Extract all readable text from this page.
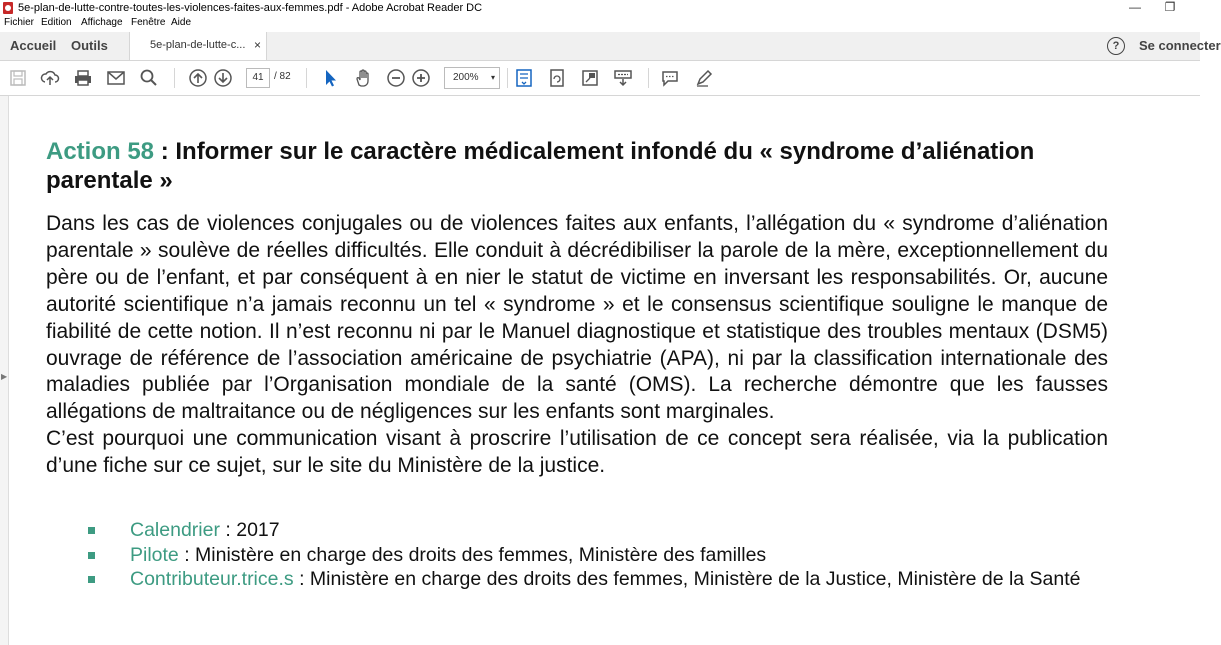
5e-plan-de-lutte-contre-toutes-les-violences-faites-aux-femmes.pdf - Adobe Acrobat Reader DC	—	❐
Fichier Edition Affichage Fenêtre Aide
Accueil Outils	5e-plan-de-lutte-c... ×	?	Se connecter
41	/ 82	200% ▾
▶
Action 58 : Informer sur le caractère médicalement infondé du « syndrome d’aliénation parentale »

Dans les cas de violences conjugales ou de violences faites aux enfants, l’allégation du « syndrome d’aliénation parentale » soulève de réelles difficultés. Elle conduit à décrédibiliser la parole de la mère, exceptionnellement du père ou de l’enfant, et par conséquent à en nier le statut de victime en inversant les responsabilités. Or, aucune autorité scientifique n’a jamais reconnu un tel « syndrome » et le consensus scientifique souligne le manque de fiabilité de cette notion. Il n’est reconnu ni par le Manuel diagnostique et statistique des troubles mentaux (DSM5) ouvrage de référence de l’association américaine de psychiatrie (APA), ni par la classification internationale des maladies publiée par l’Organisation mondiale de la santé (OMS). La recherche démontre que les fausses allégations de maltraitance ou de négligences sur les enfants sont marginales.

C’est pourquoi une communication visant à proscrire l’utilisation de ce concept sera réalisée, via la publication d’une fiche sur ce sujet, sur le site du Ministère de la justice.

Calendrier : 2017
Pilote : Ministère en charge des droits des femmes, Ministère des familles
Contributeur.trice.s : Ministère en charge des droits des femmes, Ministère de la Justice, Ministère de la Santé
